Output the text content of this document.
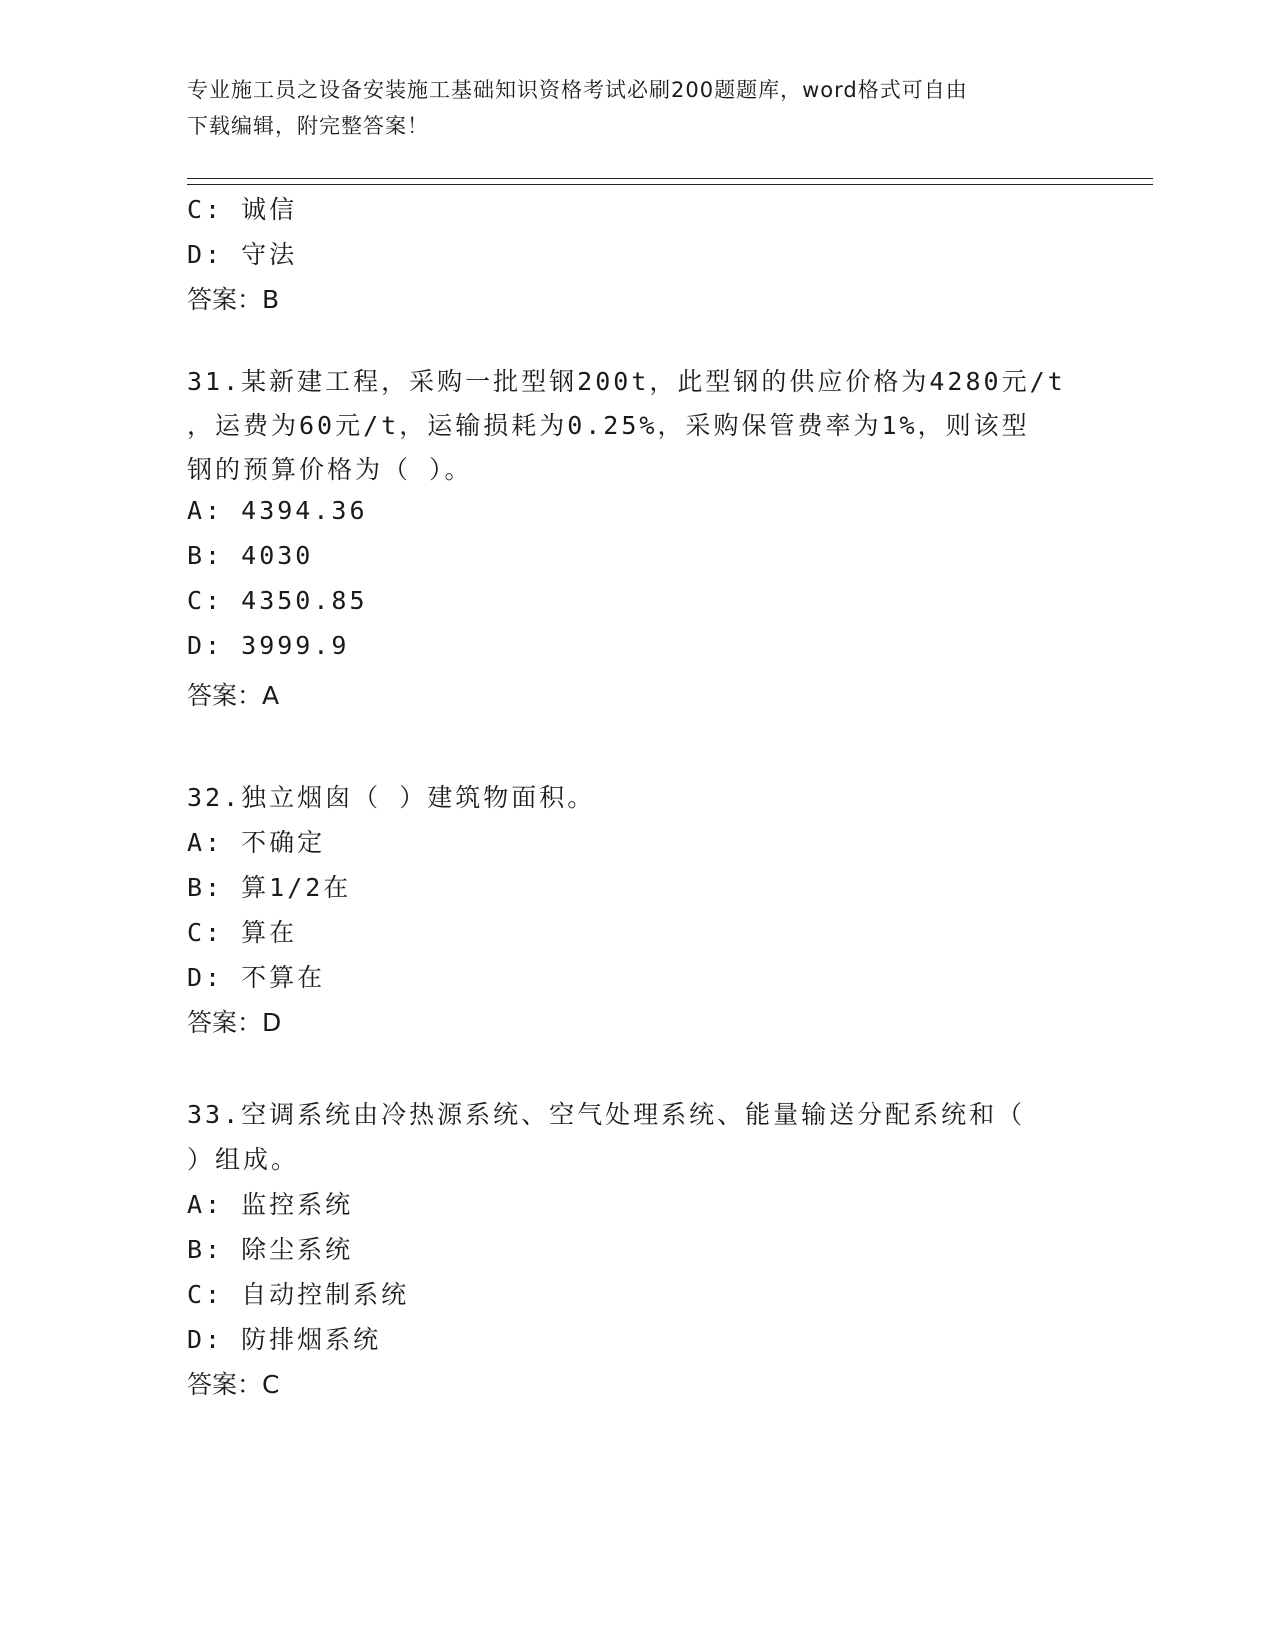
专业施工员之设备安装施工基础知识资格考试必刷200题题库，word格式可自由
下载编辑，附完整答案！
C: 诚信
D: 守法
答案：B
31.某新建工程，采购一批型钢200t，此型钢的供应价格为4280元/t
，运费为60元/t，运输损耗为0.25%，采购保管费率为1%，则该型
钢的预算价格为（ ）。
A: 4394.36
B: 4030
C: 4350.85
D: 3999.9
答案：A
32.独立烟囱（ ）建筑物面积。
A: 不确定
B: 算1/2在
C: 算在
D: 不算在
答案：D
33.空调系统由冷热源系统、空气处理系统、能量输送分配系统和（
）组成。
A: 监控系统
B: 除尘系统
C: 自动控制系统
D: 防排烟系统
答案：C
